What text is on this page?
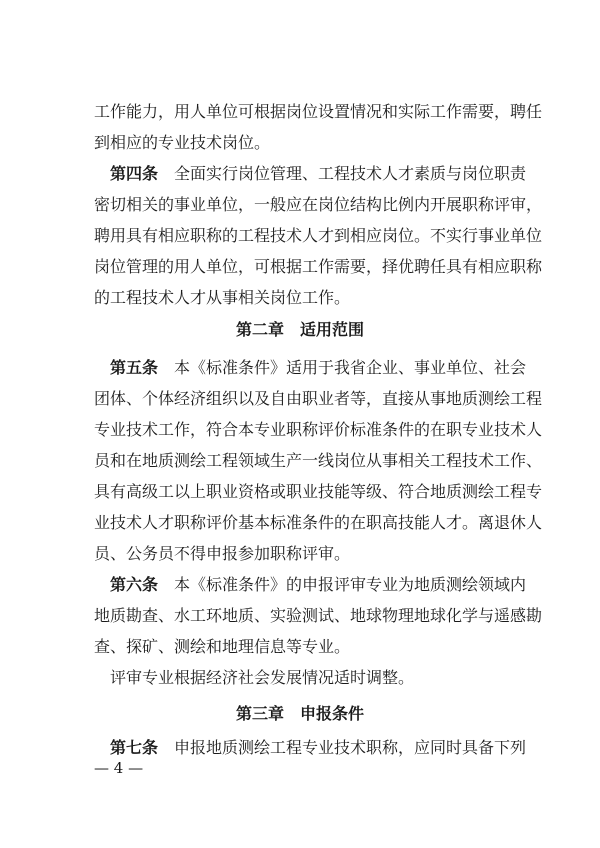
工作能力，用人单位可根据岗位设置情况和实际工作需要，聘任
到相应的专业技术岗位。
第四条 全面实行岗位管理、工程技术人才素质与岗位职责
密切相关的事业单位，一般应在岗位结构比例内开展职称评审，
聘用具有相应职称的工程技术人才到相应岗位。不实行事业单位
岗位管理的用人单位，可根据工作需要，择优聘任具有相应职称
的工程技术人才从事相关岗位工作。
第二章　适用范围
第五条 本《标准条件》适用于我省企业、事业单位、社会
团体、个体经济组织以及自由职业者等，直接从事地质测绘工程
专业技术工作，符合本专业职称评价标准条件的在职专业技术人
员和在地质测绘工程领域生产一线岗位从事相关工程技术工作、
具有高级工以上职业资格或职业技能等级、符合地质测绘工程专
业技术人才职称评价基本标准条件的在职高技能人才。离退休人
员、公务员不得申报参加职称评审。
第六条 本《标准条件》的申报评审专业为地质测绘领域内
地质勘查、水工环地质、实验测试、地球物理地球化学与遥感勘
查、探矿、测绘和地理信息等专业。
评审专业根据经济社会发展情况适时调整。
第三章　申报条件
第七条 申报地质测绘工程专业技术职称，应同时具备下列
— 4 —
